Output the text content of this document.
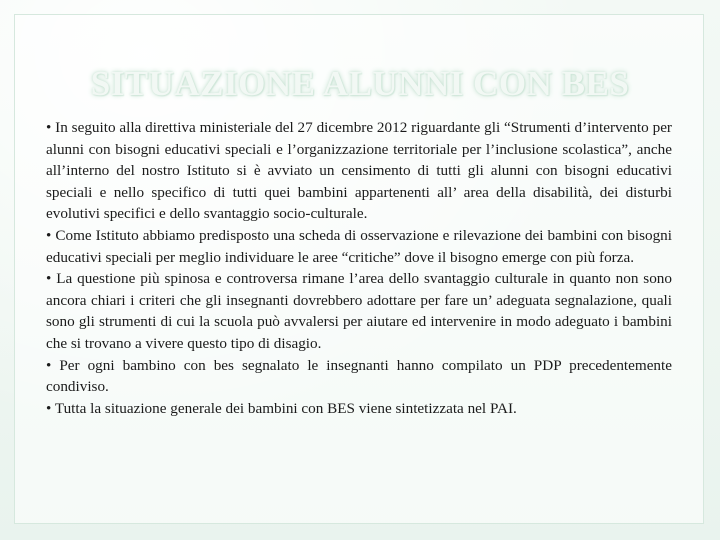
SITUAZIONE ALUNNI CON BES

• In seguito alla direttiva ministeriale del 27 dicembre 2012 riguardante gli “Strumenti d’intervento per alunni con bisogni educativi speciali e l’organizzazione territoriale per l’inclusione scolastica”, anche all’interno del nostro Istituto si è avviato un censimento di tutti gli alunni con bisogni educativi speciali e nello specifico di tutti quei bambini appartenenti all’ area della disabilità, dei disturbi evolutivi specifici e dello svantaggio socio-culturale.

• Come Istituto abbiamo predisposto una scheda di osservazione e rilevazione dei bambini con bisogni educativi speciali per meglio individuare le aree “critiche” dove il bisogno emerge con più forza.

• La questione più spinosa e controversa rimane l’area dello svantaggio culturale in quanto non sono ancora chiari i criteri che gli insegnanti dovrebbero adottare per fare un’ adeguata segnalazione, quali sono gli strumenti di cui la scuola può avvalersi per aiutare ed intervenire in modo adeguato i bambini che si trovano a vivere questo tipo di disagio.

• Per ogni bambino con bes segnalato le insegnanti hanno compilato un PDP precedentemente condiviso.

• Tutta la situazione generale dei bambini con BES viene sintetizzata nel PAI.
